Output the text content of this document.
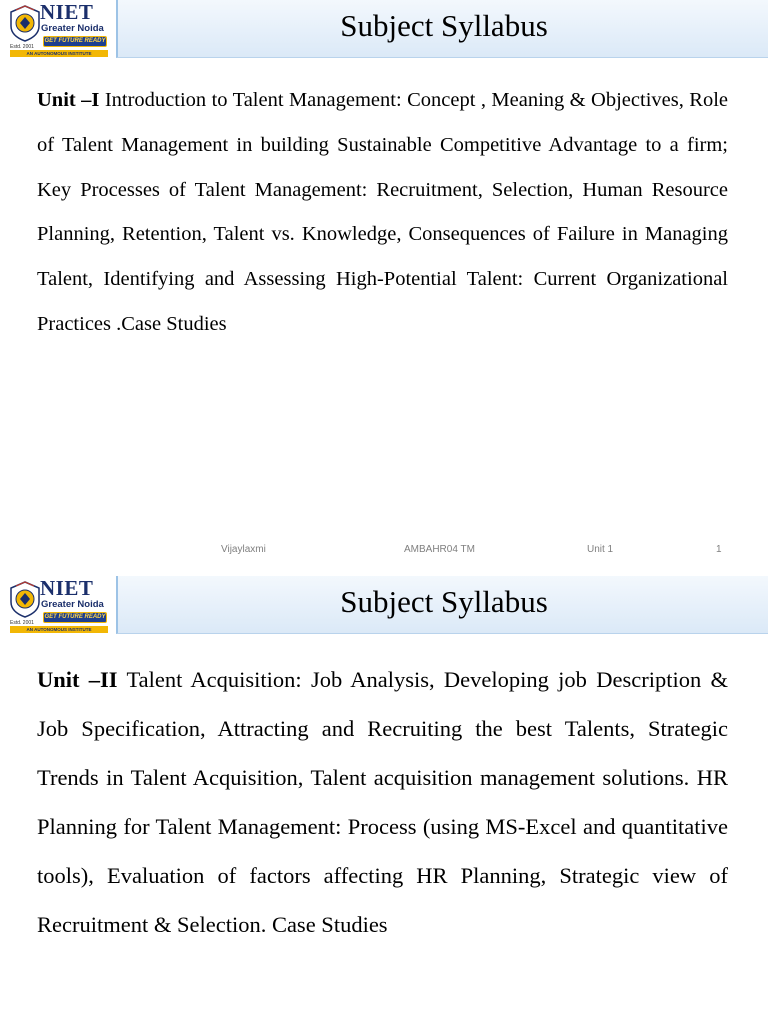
NIET
Greater Noida
GET FUTURE READY
Estd. 2001
AN AUTONOMOUS INSTITUTE
Subject Syllabus

Unit –I Introduction to Talent Management: Concept , Meaning & Objectives, Role of Talent Management in building Sustainable Competitive Advantage to a firm; Key Processes of Talent Management: Recruitment, Selection, Human Resource Planning, Retention, Talent vs. Knowledge, Consequences of Failure in Managing Talent, Identifying and Assessing High-Potential Talent: Current Organizational Practices .Case Studies

Vijaylaxmi	AMBAHR04 TM	Unit 1	1
NIET
Greater Noida
GET FUTURE READY
Estd. 2001
AN AUTONOMOUS INSTITUTE
Subject Syllabus

Unit –II Talent Acquisition: Job Analysis, Developing job Description & Job Specification, Attracting and Recruiting the best Talents, Strategic Trends in Talent Acquisition, Talent acquisition management solutions. HR Planning for Talent Management: Process (using MS-Excel and quantitative tools), Evaluation of factors affecting HR Planning, Strategic view of Recruitment & Selection. Case Studies
